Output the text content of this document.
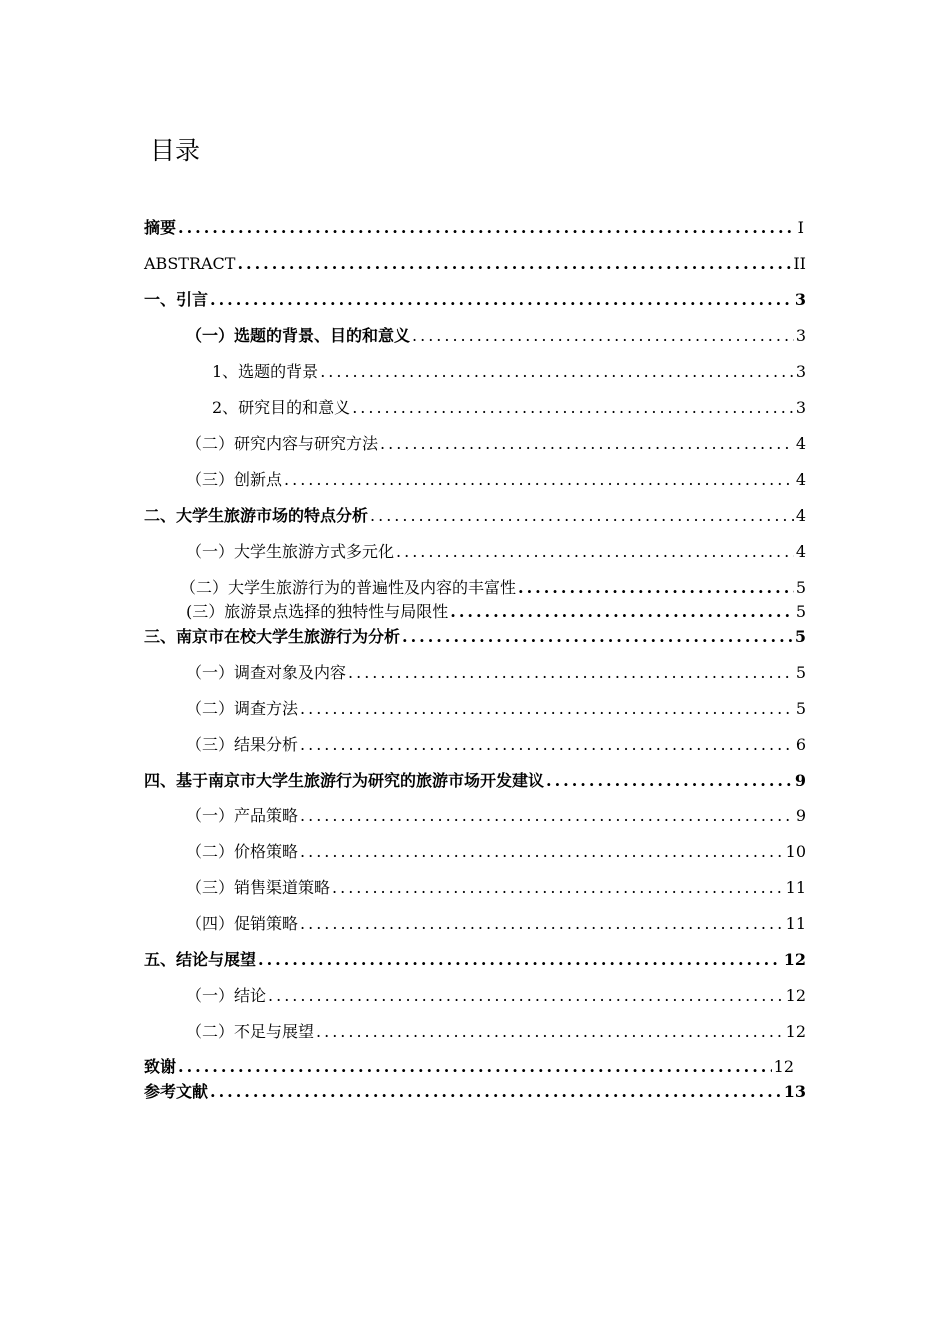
目录
摘要 .....	I
ABSTRACT .....	II
一、引言 .....	3
（一）选题的背景、目的和意义 .....	3
1、选题的背景 .....	3
2、研究目的和意义 .....	3
（二）研究内容与研究方法 .....	4
（三）创新点 .....	4
二、大学生旅游市场的特点分析 .....	4
（一）大学生旅游方式多元化 .....	4
（二）大学生旅游行为的普遍性及内容的丰富性 .....	5
(三）旅游景点选择的独特性与局限性 .....	5
三、南京市在校大学生旅游行为分析 .....	5
（一）调查对象及内容 .....	5
（二）调查方法 .....	5
（三）结果分析 .....	6
四、基于南京市大学生旅游行为研究的旅游市场开发建议 .....	9
（一）产品策略 .....	9
（二）价格策略 .....	10
（三）销售渠道策略 .....	11
（四）促销策略 .....	11
五、结论与展望 .....	12
（一）结论 .....	12
（二）不足与展望 .....	12
致谢 .....	12
参考文献 .....	13
